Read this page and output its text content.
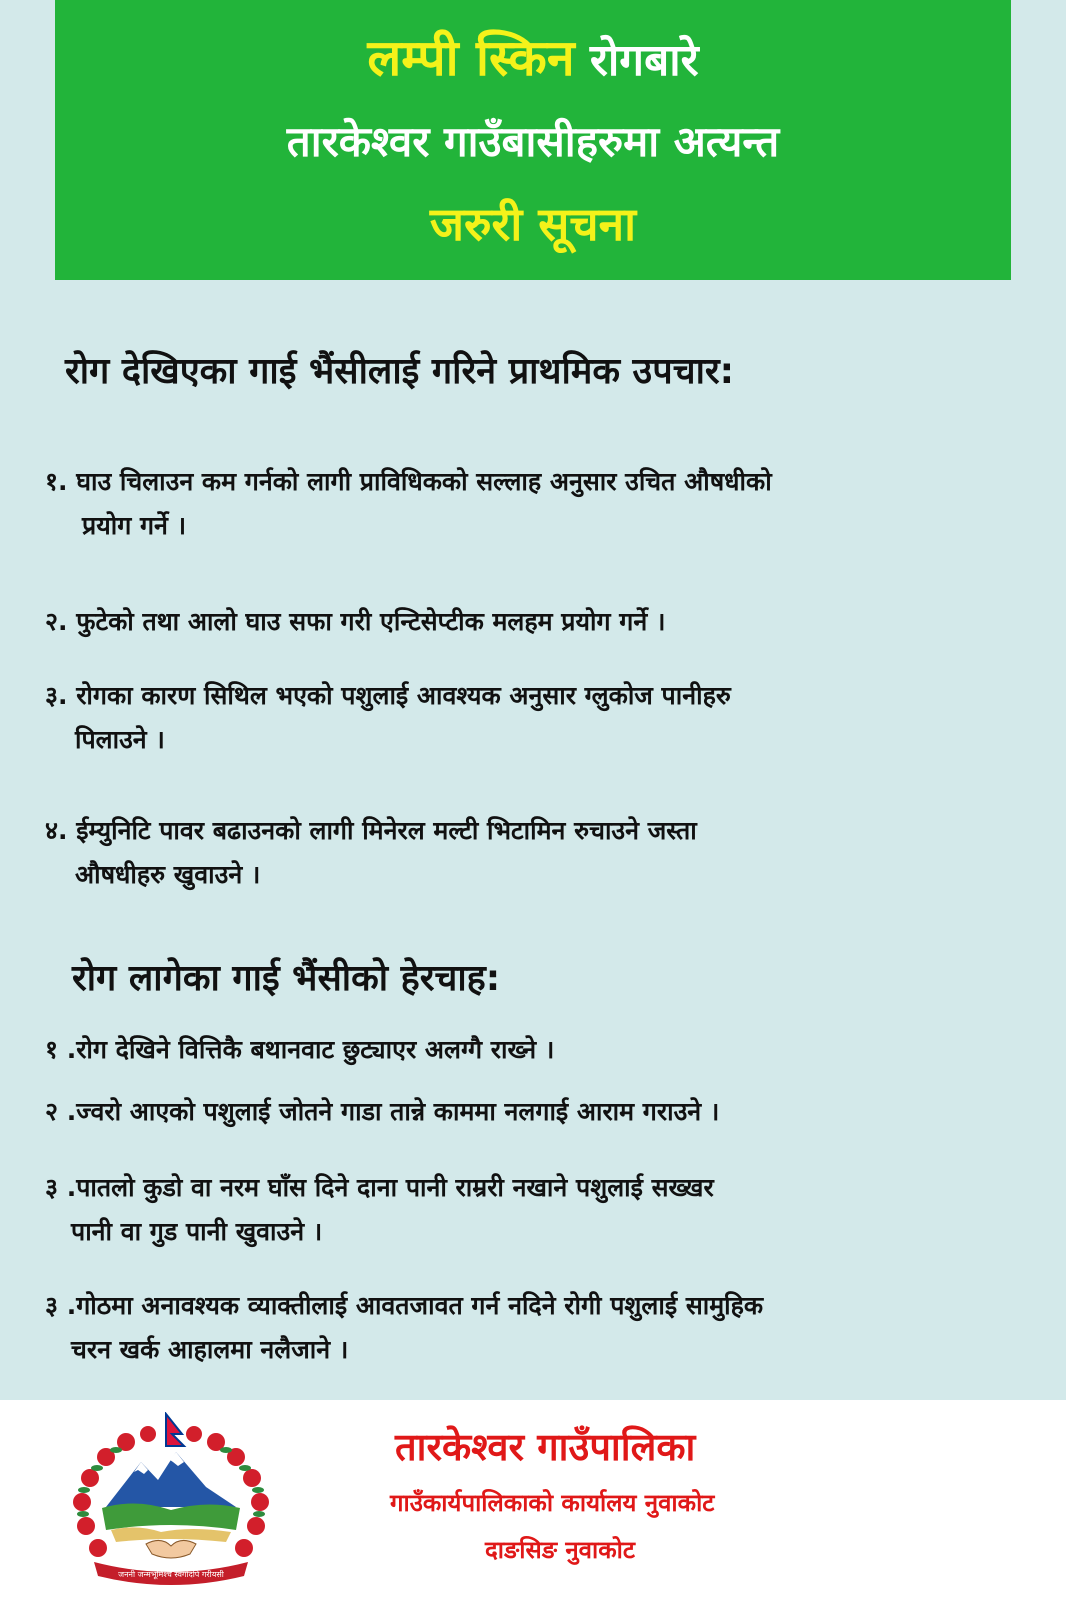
लम्पी स्किन रोगबारे
तारकेश्वर गाउँबासीहरुमा अत्यन्त
जरुरी सूचना
रोग देखिएका गाई भैंसीलाई गरिने प्राथमिक उपचार:
१. घाउ चिलाउन कम गर्नको लागी प्राविधिकको सल्लाह अनुसार उचित औषधीको
प्रयोग गर्ने ।
२. फुटेको तथा आलो घाउ सफा गरी एन्टिसेप्टीक मलहम प्रयोग गर्ने ।
३. रोगका कारण सिथिल भएको पशुलाई आवश्यक अनुसार ग्लुकोज पानीहरु
पिलाउने ।
४. ईम्युनिटि पावर बढाउनको लागी मिनेरल मल्टी भिटामिन रुचाउने जस्ता
औषधीहरु खुवाउने ।
रोग लागेका गाई भैंसीको हेरचाह:
१ .रोग देखिने वित्तिकै बथानवाट छुट्याएर अलग्गै राख्ने ।
२ .ज्वरो आएको पशुलाई जोतने गाडा तान्ने काममा नलगाई आराम गराउने ।
३ .पातलो कुडो वा नरम घाँस दिने दाना पानी राम्ररी नखाने पशुलाई सख्खर
पानी वा गुड पानी खुवाउने ।
३ .गोठमा अनावश्यक व्याक्तीलाई आवतजावत गर्न नदिने रोगी पशुलाई सामुहिक
चरन खर्क आहालमा नलैजाने ।
जननी जन्मभूमिश्च स्वर्गादपि गरीयसी
तारकेश्वर गाउँपालिका
गाउँकार्यपालिकाको कार्यालय नुवाकोट
दाङसिङ नुवाकोट
